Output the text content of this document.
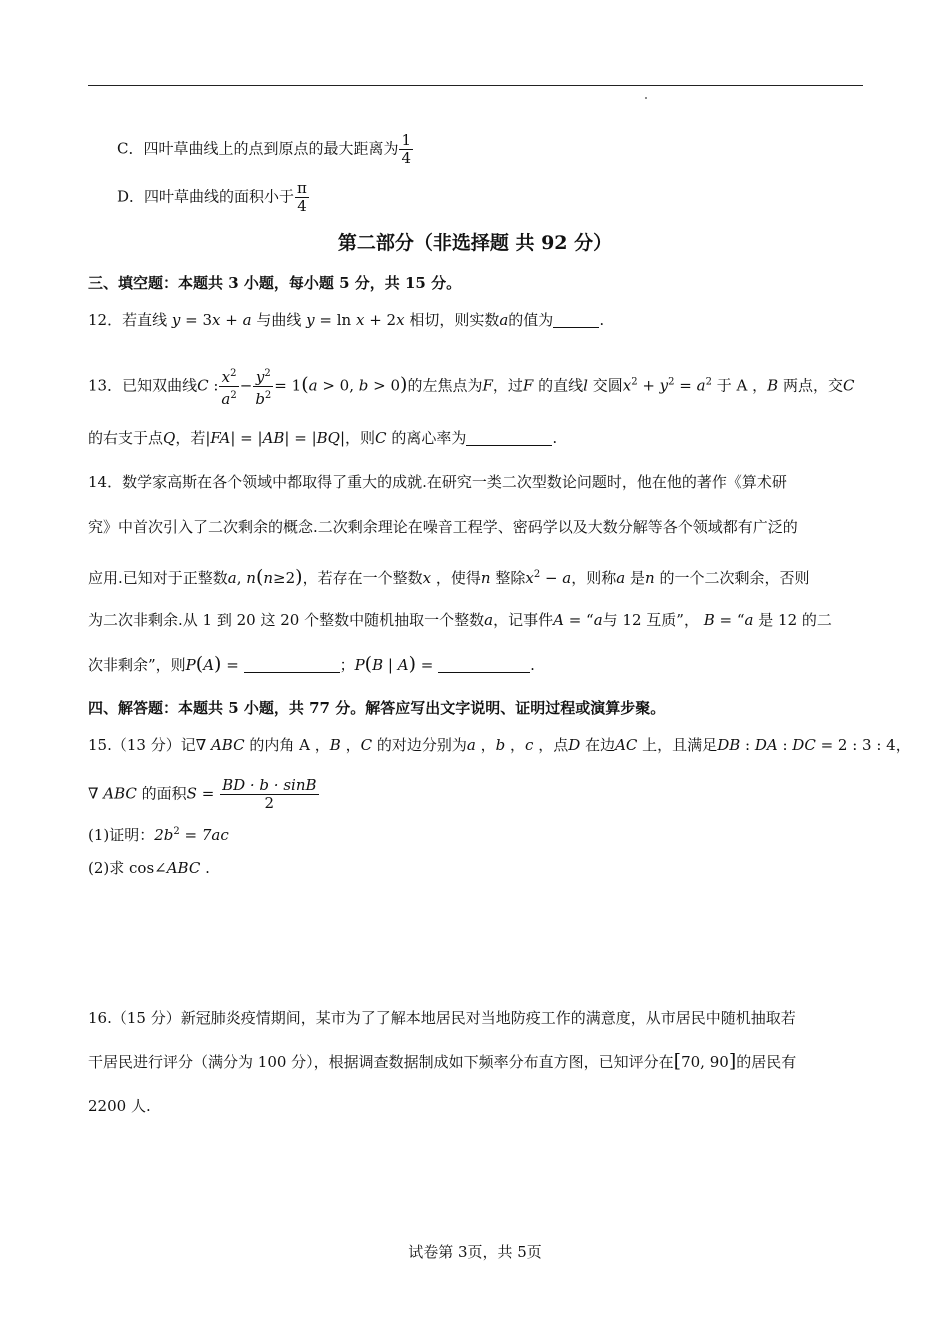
C．四叶草曲线上的点到原点的最大距离为 $\frac{1}{4}$
D．四叶草曲线的面积小于 $\frac{\pi}{4}$
第二部分（非选择题 共 92 分）
三、填空题：本题共 3 小题，每小题 5 分，共 15 分。
12．若直线 y = 3x + a 与曲线 y = ln x + 2x 相切，则实数a的值为	.
13．已知双曲线C : $\frac{x^2}{a^2} - \frac{y^2}{b^2} = 1(a > 0$, b > 0)的左焦点为F，过F 的直线l 交圆$x^2 + y^2 = a^2$ 于 A ，B 两点，交C
的右支于点Q，若|FA| = |AB| = |BQ|，则C 的离心率为	.
14．数学家高斯在各个领域中都取得了重大的成就.在研究一类二次型数论问题时，他在他的著作《算术研
究》中首次引入了二次剩余的概念.二次剩余理论在噪音工程学、密码学以及大数分解等各个领域都有广泛的
应用.已知对于正整数a, n(n≥2)，若存在一个整数x ，使得n 整除$x^2 - a$，则称a 是n 的一个二次剩余，否则
为二次非剩余.从 1 到 20 这 20 个整数中随机抽取一个整数a，记事件A = “a与 12 互质”， B = “a 是 12 的二
次非剩余”，则P(A) =	；P(B | A) =	.
四、解答题：本题共 5 小题，共 77 分。解答应写出文字说明、证明过程或演算步聚。
15.（13 分）记∇ ABC 的内角 A ，B ，C 的对边分别为a ，b ，c ，点D 在边AC 上，且满足DB : DA : DC = 2 : 3 : 4，
∇ ABC 的面积$S = \frac{BD \cdot b \cdot \sin B}{2}$
(1)证明：$2b^2 = 7ac$
(2)求 cos∠ABC .
16.（15 分）新冠肺炎疫情期间，某市为了了解本地居民对当地防疫工作的满意度，从市居民中随机抽取若
干居民进行评分（满分为 100 分），根据调查数据制成如下频率分布直方图，已知评分在[70, 90]的居民有
2200 人.
试卷第 3页，共 5页
